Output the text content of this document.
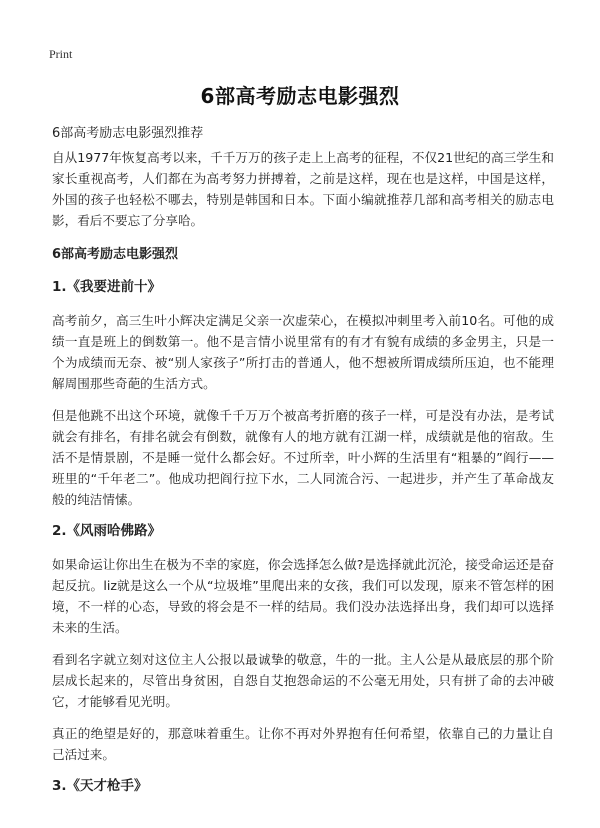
Print
6部高考励志电影强烈
6部高考励志电影强烈推荐

自从1977年恢复高考以来，千千万万的孩子走上上高考的征程，不仅21世纪的高三学生和家长重视高考，人们都在为高考努力拼搏着，之前是这样，现在也是这样，中国是这样，外国的孩子也轻松不哪去，特别是韩国和日本。下面小编就推荐几部和高考相关的励志电影，看后不要忘了分享哈。

6部高考励志电影强烈
1.《我要进前十》

高考前夕，高三生叶小辉决定满足父亲一次虚荣心，在模拟冲刺里考入前10名。可他的成绩一直是班上的倒数第一。他不是言情小说里常有的有才有貌有成绩的多金男主，只是一个为成绩而无奈、被“别人家孩子”所打击的普通人，他不想被所谓成绩所压迫，也不能理解周围那些奇葩的生活方式。

但是他跳不出这个环境，就像千千万万个被高考折磨的孩子一样，可是没有办法，是考试就会有排名，有排名就会有倒数，就像有人的地方就有江湖一样，成绩就是他的宿敌。生活不是情景剧，不是睡一觉什么都会好。不过所幸，叶小辉的生活里有“粗暴的”阎行——班里的“千年老二”。他成功把阎行拉下水，二人同流合污、一起进步，并产生了革命战友般的纯洁情愫。

2.《风雨哈佛路》

如果命运让你出生在极为不幸的家庭，你会选择怎么做?是选择就此沉沦，接受命运还是奋起反抗。liz就是这么一个从“垃圾堆”里爬出来的女孩，我们可以发现，原来不管怎样的困境，不一样的心态，导致的将会是不一样的结局。我们没办法选择出身，我们却可以选择未来的生活。

看到名字就立刻对这位主人公报以最诚挚的敬意，牛的一批。主人公是从最底层的那个阶层成长起来的，尽管出身贫困，自怨自艾抱怨命运的不公毫无用处，只有拼了命的去冲破它，才能够看见光明。

真正的绝望是好的，那意味着重生。让你不再对外界抱有任何希望，依靠自己的力量让自己活过来。

3.《天才枪手》
